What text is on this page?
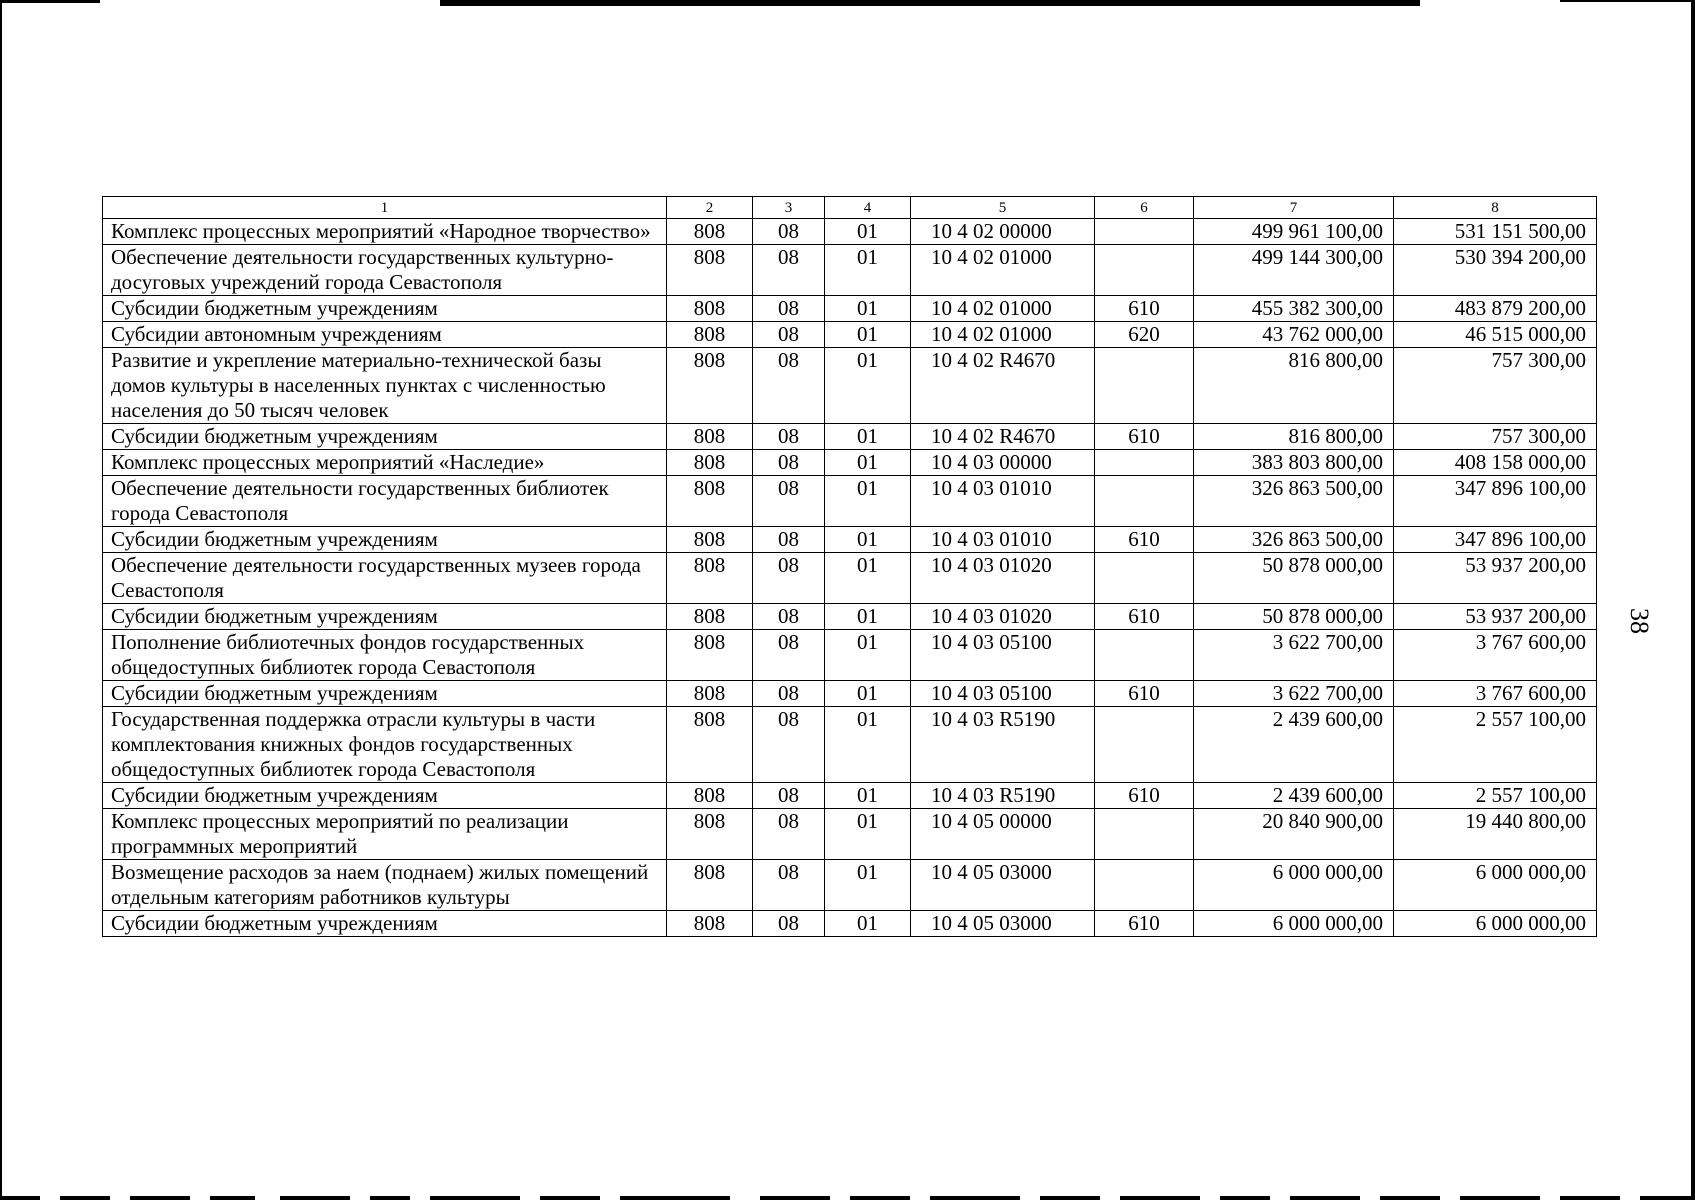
1	2	3	4	5	6	7	8
Комплекс процессных мероприятий «Народное творчество»	808	08	01	10 4 02 00000		499 961 100,00	531 151 500,00
Обеспечение деятельности государственных культурно-досуговых учреждений города Севастополя	808	08	01	10 4 02 01000		499 144 300,00	530 394 200,00
Субсидии бюджетным учреждениям	808	08	01	10 4 02 01000	610	455 382 300,00	483 879 200,00
Субсидии автономным учреждениям	808	08	01	10 4 02 01000	620	43 762 000,00	46 515 000,00
Развитие и укрепление материально-технической базы домов культуры в населенных пунктах с численностью населения до 50 тысяч человек	808	08	01	10 4 02 R4670		816 800,00	757 300,00
Субсидии бюджетным учреждениям	808	08	01	10 4 02 R4670	610	816 800,00	757 300,00
Комплекс процессных мероприятий «Наследие»	808	08	01	10 4 03 00000		383 803 800,00	408 158 000,00
Обеспечение деятельности государственных библиотек города Севастополя	808	08	01	10 4 03 01010		326 863 500,00	347 896 100,00
Субсидии бюджетным учреждениям	808	08	01	10 4 03 01010	610	326 863 500,00	347 896 100,00
Обеспечение деятельности государственных музеев города Севастополя	808	08	01	10 4 03 01020		50 878 000,00	53 937 200,00
Субсидии бюджетным учреждениям	808	08	01	10 4 03 01020	610	50 878 000,00	53 937 200,00
Пополнение библиотечных фондов государственных общедоступных библиотек города Севастополя	808	08	01	10 4 03 05100		3 622 700,00	3 767 600,00
Субсидии бюджетным учреждениям	808	08	01	10 4 03 05100	610	3 622 700,00	3 767 600,00
Государственная поддержка отрасли культуры в части комплектования книжных фондов государственных общедоступных библиотек города Севастополя	808	08	01	10 4 03 R5190		2 439 600,00	2 557 100,00
Субсидии бюджетным учреждениям	808	08	01	10 4 03 R5190	610	2 439 600,00	2 557 100,00
Комплекс процессных мероприятий по реализации программных мероприятий	808	08	01	10 4 05 00000		20 840 900,00	19 440 800,00
Возмещение расходов за наем (поднаем) жилых помещений отдельным категориям работников культуры	808	08	01	10 4 05 03000		6 000 000,00	6 000 000,00
Субсидии бюджетным учреждениям	808	08	01	10 4 05 03000	610	6 000 000,00	6 000 000,00
38
